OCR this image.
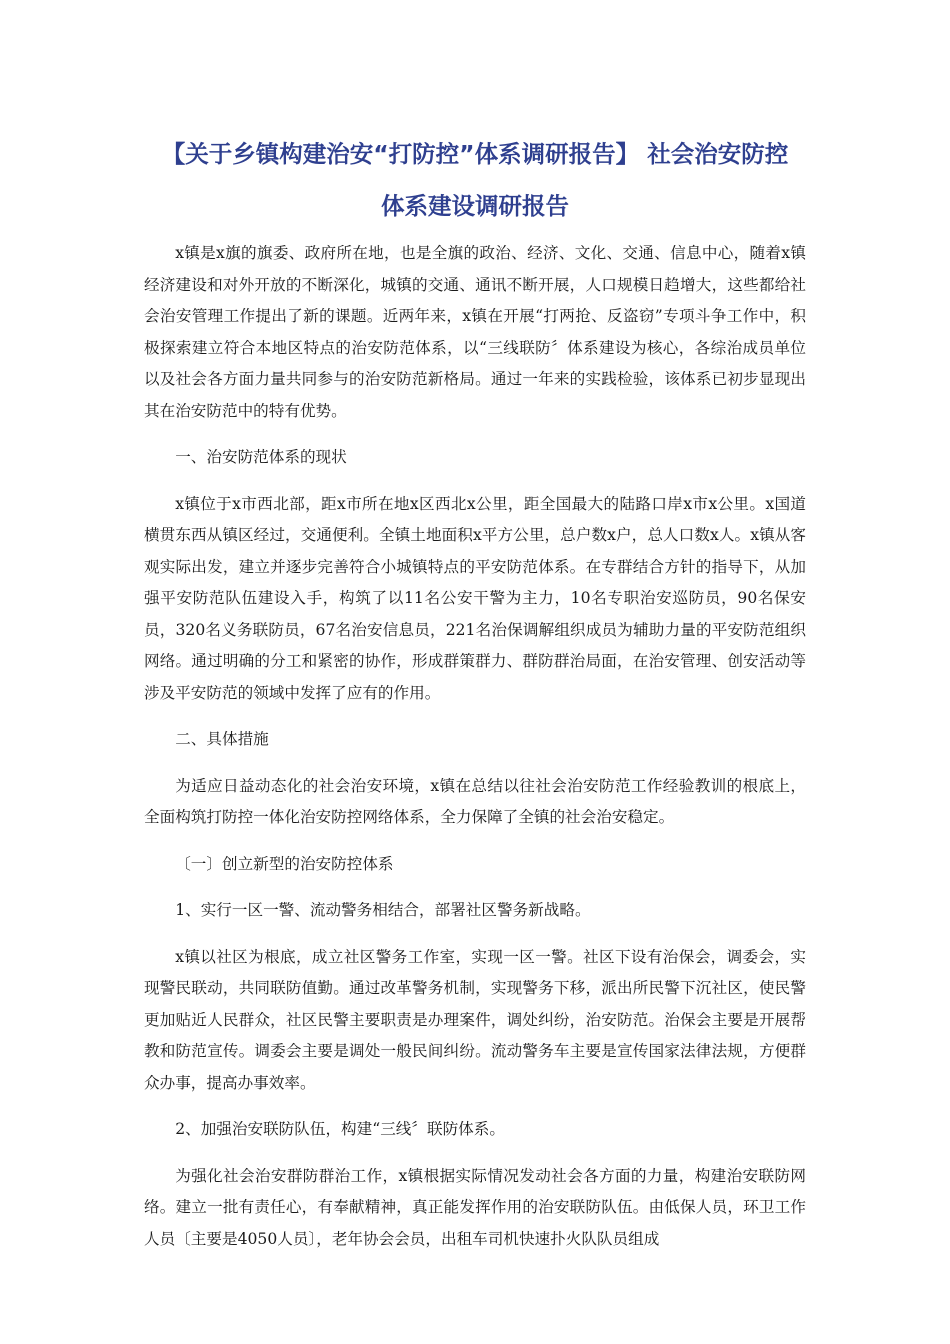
【关于乡镇构建治安“打防控”体系调研报告】 社会治安防控
体系建设调研报告

x镇是x旗的旗委、政府所在地，也是全旗的政治、经济、文化、交通、信息中心，随着x镇经济建设和对外开放的不断深化，城镇的交通、通讯不断开展，人口规模日趋增大，这些都给社会治安管理工作提出了新的课题。近两年来，x镇在开展“打两抢、反盗窃”专项斗争工作中，积极探索建立符合本地区特点的治安防范体系，以“三线联防〞体系建设为核心，各综治成员单位以及社会各方面力量共同参与的治安防范新格局。通过一年来的实践检验，该体系已初步显现出其在治安防范中的特有优势。

一、治安防范体系的现状

x镇位于x市西北部，距x市所在地x区西北x公里，距全国最大的陆路口岸x市x公里。x国道横贯东西从镇区经过，交通便利。全镇土地面积x平方公里，总户数x户，总人口数x人。x镇从客观实际出发，建立并逐步完善符合小城镇特点的平安防范体系。在专群结合方针的指导下，从加强平安防范队伍建设入手，构筑了以11名公安干警为主力，10名专职治安巡防员，90名保安员，320名义务联防员，67名治安信息员，221名治保调解组织成员为辅助力量的平安防范组织网络。通过明确的分工和紧密的协作，形成群策群力、群防群治局面，在治安管理、创安活动等涉及平安防范的领域中发挥了应有的作用。

二、具体措施

为适应日益动态化的社会治安环境，x镇在总结以往社会治安防范工作经验教训的根底上，全面构筑打防控一体化治安防控网络体系，全力保障了全镇的社会治安稳定。

〔一〕创立新型的治安防控体系

1、实行一区一警、流动警务相结合，部署社区警务新战略。

x镇以社区为根底，成立社区警务工作室，实现一区一警。社区下设有治保会，调委会，实现警民联动，共同联防值勤。通过改革警务机制，实现警务下移，派出所民警下沉社区，使民警更加贴近人民群众，社区民警主要职责是办理案件，调处纠纷，治安防范。治保会主要是开展帮教和防范宣传。调委会主要是调处一般民间纠纷。流动警务车主要是宣传国家法律法规，方便群众办事，提高办事效率。

2、加强治安联防队伍，构建“三线〞联防体系。

为强化社会治安群防群治工作，x镇根据实际情况发动社会各方面的力量，构建治安联防网络。建立一批有责任心，有奉献精神，真正能发挥作用的治安联防队伍。由低保人员，环卫工作人员〔主要是4050人员〕，老年协会会员，出租车司机快速扑火队队员组成
